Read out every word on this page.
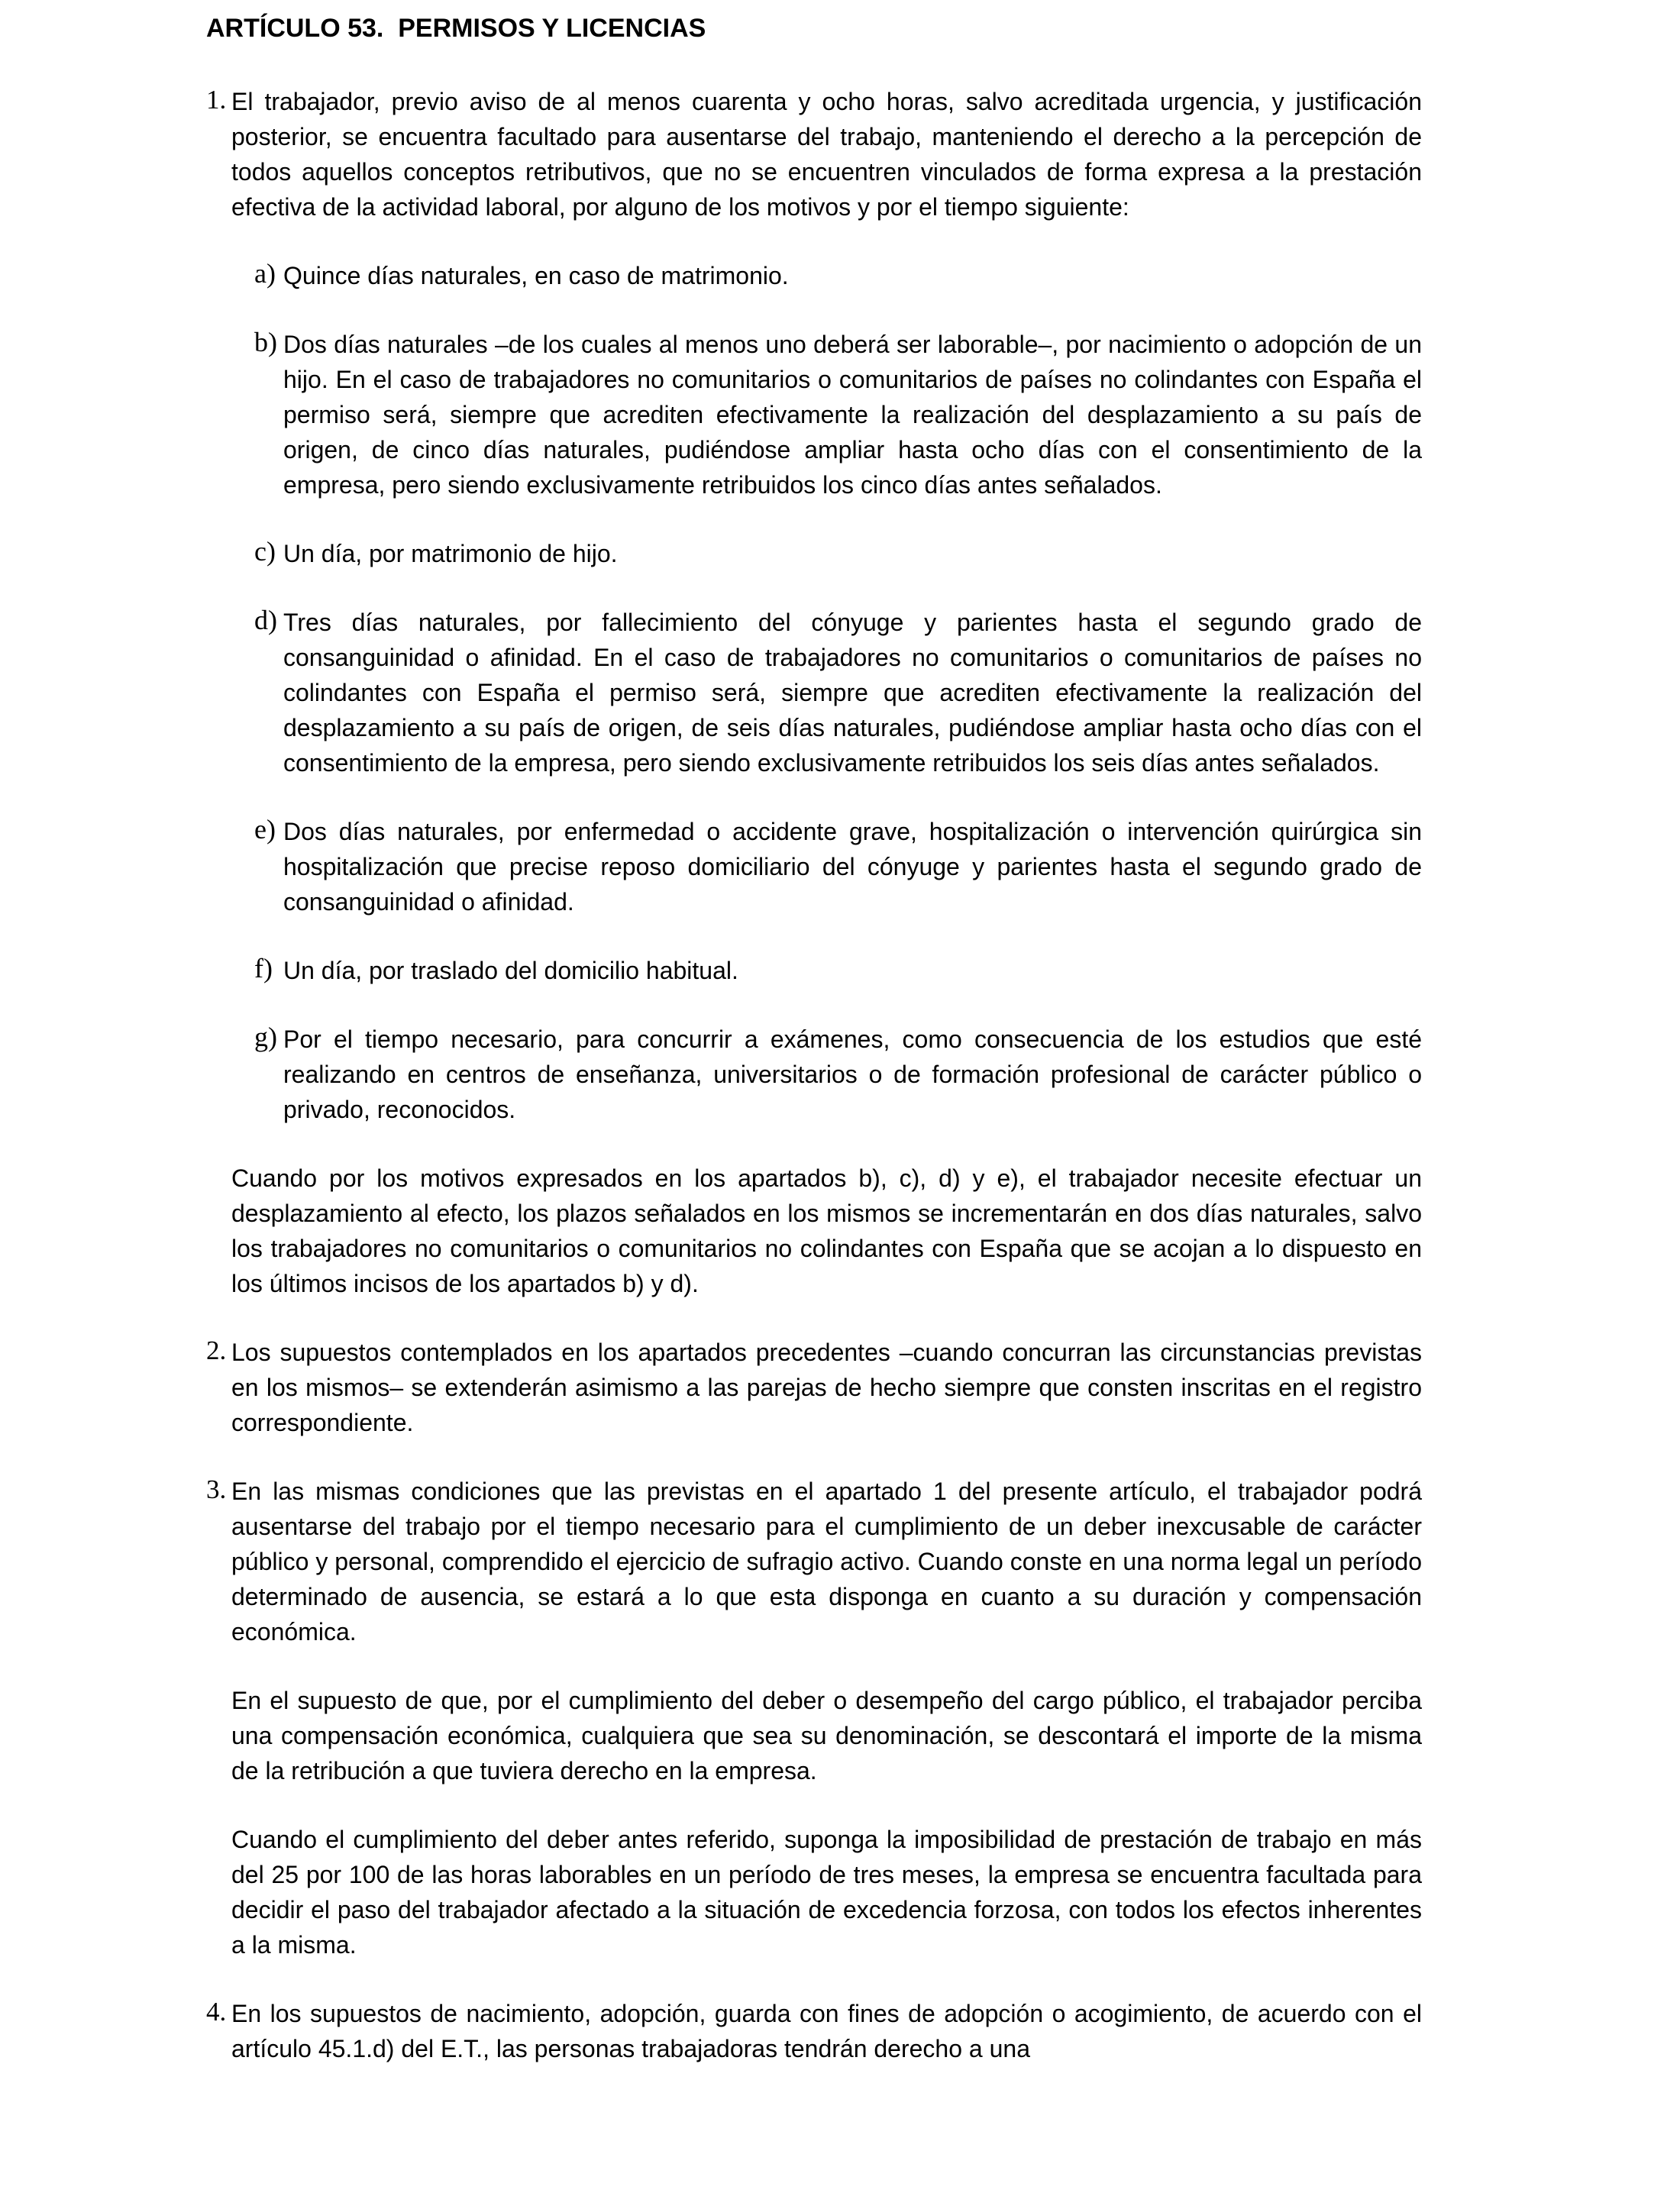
ARTÍCULO 53.  PERMISOS Y LICENCIAS
1. El trabajador, previo aviso de al menos cuarenta y ocho horas, salvo acreditada urgencia, y justificación posterior, se encuentra facultado para ausentarse del trabajo, manteniendo el derecho a la percepción de todos aquellos conceptos retributivos, que no se encuentren vinculados de forma expresa a la prestación efectiva de la actividad laboral, por alguno de los motivos y por el tiempo siguiente:

a) Quince días naturales, en caso de matrimonio.

b) Dos días naturales –de los cuales al menos uno deberá ser laborable–, por nacimiento o adopción de un hijo. En el caso de trabajadores no comunitarios o comunitarios de países no colindantes con España el permiso será, siempre que acrediten efectivamente la realización del desplazamiento a su país de origen, de cinco días naturales, pudiéndose ampliar hasta ocho días con el consentimiento de la empresa, pero siendo exclusivamente retribuidos los cinco días antes señalados.

c) Un día, por matrimonio de hijo.

d) Tres días naturales, por fallecimiento del cónyuge y parientes hasta el segundo grado de consanguinidad o afinidad. En el caso de trabajadores no comunitarios o comunitarios de países no colindantes con España el permiso será, siempre que acrediten efectivamente la realización del desplazamiento a su país de origen, de seis días naturales, pudiéndose ampliar hasta ocho días con el consentimiento de la empresa, pero siendo exclusivamente retribuidos los seis días antes señalados.

e) Dos días naturales, por enfermedad o accidente grave, hospitalización o intervención quirúrgica sin hospitalización que precise reposo domiciliario del cónyuge y parientes hasta el segundo grado de consanguinidad o afinidad.

f) Un día, por traslado del domicilio habitual.

g) Por el tiempo necesario, para concurrir a exámenes, como consecuencia de los estudios que esté realizando en centros de enseñanza, universitarios o de formación profesional de carácter público o privado, reconocidos.

Cuando por los motivos expresados en los apartados b), c), d) y e), el trabajador necesite efectuar un desplazamiento al efecto, los plazos señalados en los mismos se incrementarán en dos días naturales, salvo los trabajadores no comunitarios o comunitarios no colindantes con España que se acojan a lo dispuesto en los últimos incisos de los apartados b) y d).

2. Los supuestos contemplados en los apartados precedentes –cuando concurran las circunstancias previstas en los mismos– se extenderán asimismo a las parejas de hecho siempre que consten inscritas en el registro correspondiente.

3. En las mismas condiciones que las previstas en el apartado 1 del presente artículo, el trabajador podrá ausentarse del trabajo por el tiempo necesario para el cumplimiento de un deber inexcusable de carácter público y personal, comprendido el ejercicio de sufragio activo. Cuando conste en una norma legal un período determinado de ausencia, se estará a lo que esta disponga en cuanto a su duración y compensación económica.

En el supuesto de que, por el cumplimiento del deber o desempeño del cargo público, el trabajador perciba una compensación económica, cualquiera que sea su denominación, se descontará el importe de la misma de la retribución a que tuviera derecho en la empresa.

Cuando el cumplimiento del deber antes referido, suponga la imposibilidad de prestación de trabajo en más del 25 por 100 de las horas laborables en un período de tres meses, la empresa se encuentra facultada para decidir el paso del trabajador afectado a la situación de excedencia forzosa, con todos los efectos inherentes a la misma.

4. En los supuestos de nacimiento, adopción, guarda con fines de adopción o acogimiento, de acuerdo con el artículo 45.1.d) del E.T., las personas trabajadoras tendrán derecho a una
